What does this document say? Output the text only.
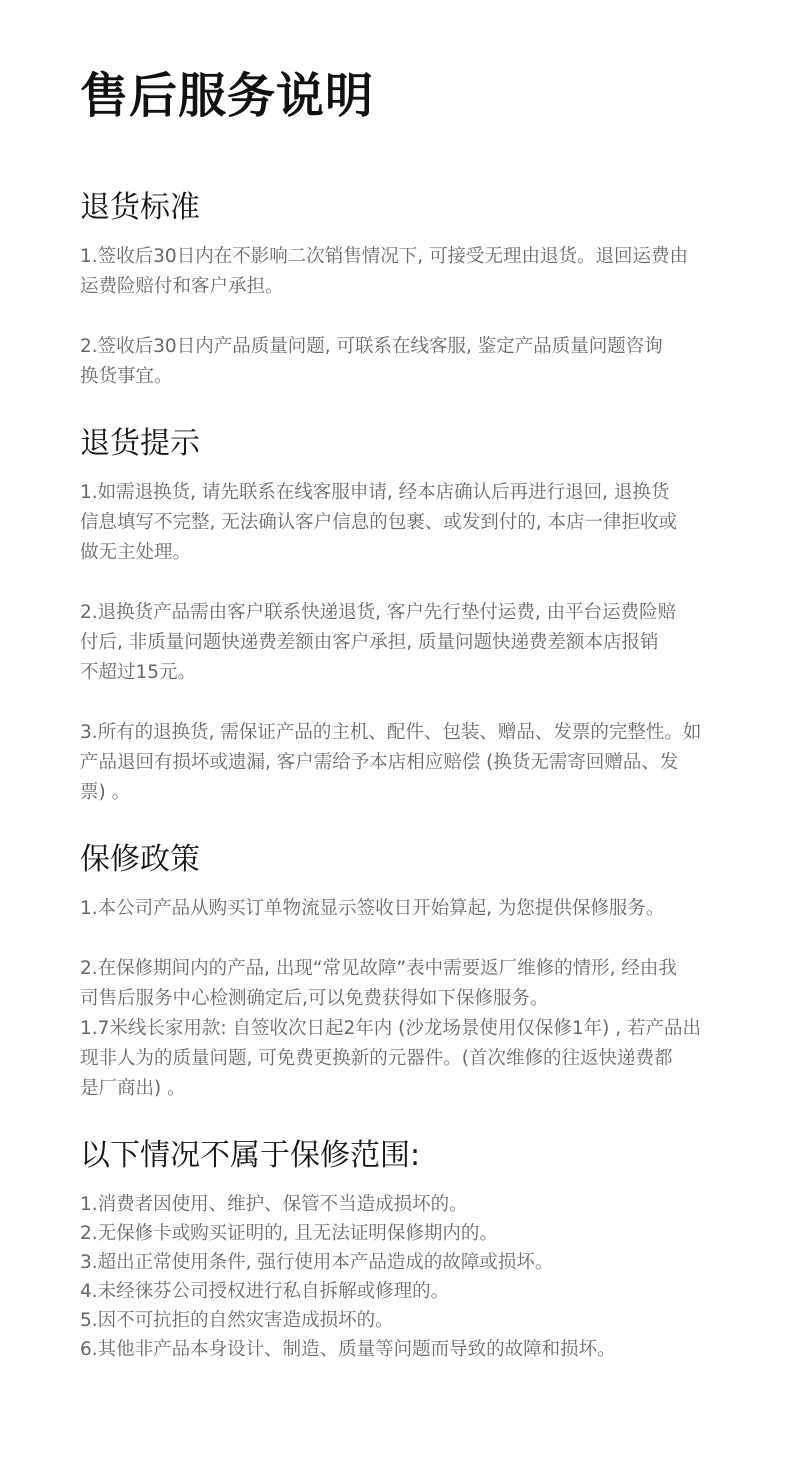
售后服务说明
退货标准

1.签收后30日内在不影响二次销售情况下, 可接受无理由退货。退回运费由
运费险赔付和客户承担。

2.签收后30日内产品质量问题, 可联系在线客服, 鉴定产品质量问题咨询
换货事宜。

退货提示

1.如需退换货, 请先联系在线客服申请, 经本店确认后再进行退回, 退换货
信息填写不完整, 无法确认客户信息的包裹、或发到付的, 本店一律拒收或
做无主处理。

2.退换货产品需由客户联系快递退货, 客户先行垫付运费, 由平台运费险赔
付后, 非质量问题快递费差额由客户承担, 质量问题快递费差额本店报销
不超过15元。

3.所有的退换货, 需保证产品的主机、配件、包装、赠品、发票的完整性。如
产品退回有损坏或遗漏, 客户需给予本店相应赔偿 (换货无需寄回赠品、发
票) 。

保修政策

1.本公司产品从购买订单物流显示签收日开始算起, 为您提供保修服务。

2.在保修期间内的产品, 出现“常见故障”表中需要返厂维修的情形, 经由我
司售后服务中心检测确定后,可以免费获得如下保修服务。

1.7米线长家用款: 自签收次日起2年内 (沙龙场景使用仅保修1年) , 若产品出
现非人为的质量问题, 可免费更换新的元器件。(首次维修的往返快递费都
是厂商出) 。

以下情况不属于保修范围:

1.消费者因使用、维护、保管不当造成损坏的。

2.无保修卡或购买证明的, 且无法证明保修期内的。

3.超出正常使用条件, 强行使用本产品造成的故障或损坏。

4.未经徕芬公司授权进行私自拆解或修理的。

5.因不可抗拒的自然灾害造成损坏的。

6.其他非产品本身设计、制造、质量等问题而导致的故障和损坏。
